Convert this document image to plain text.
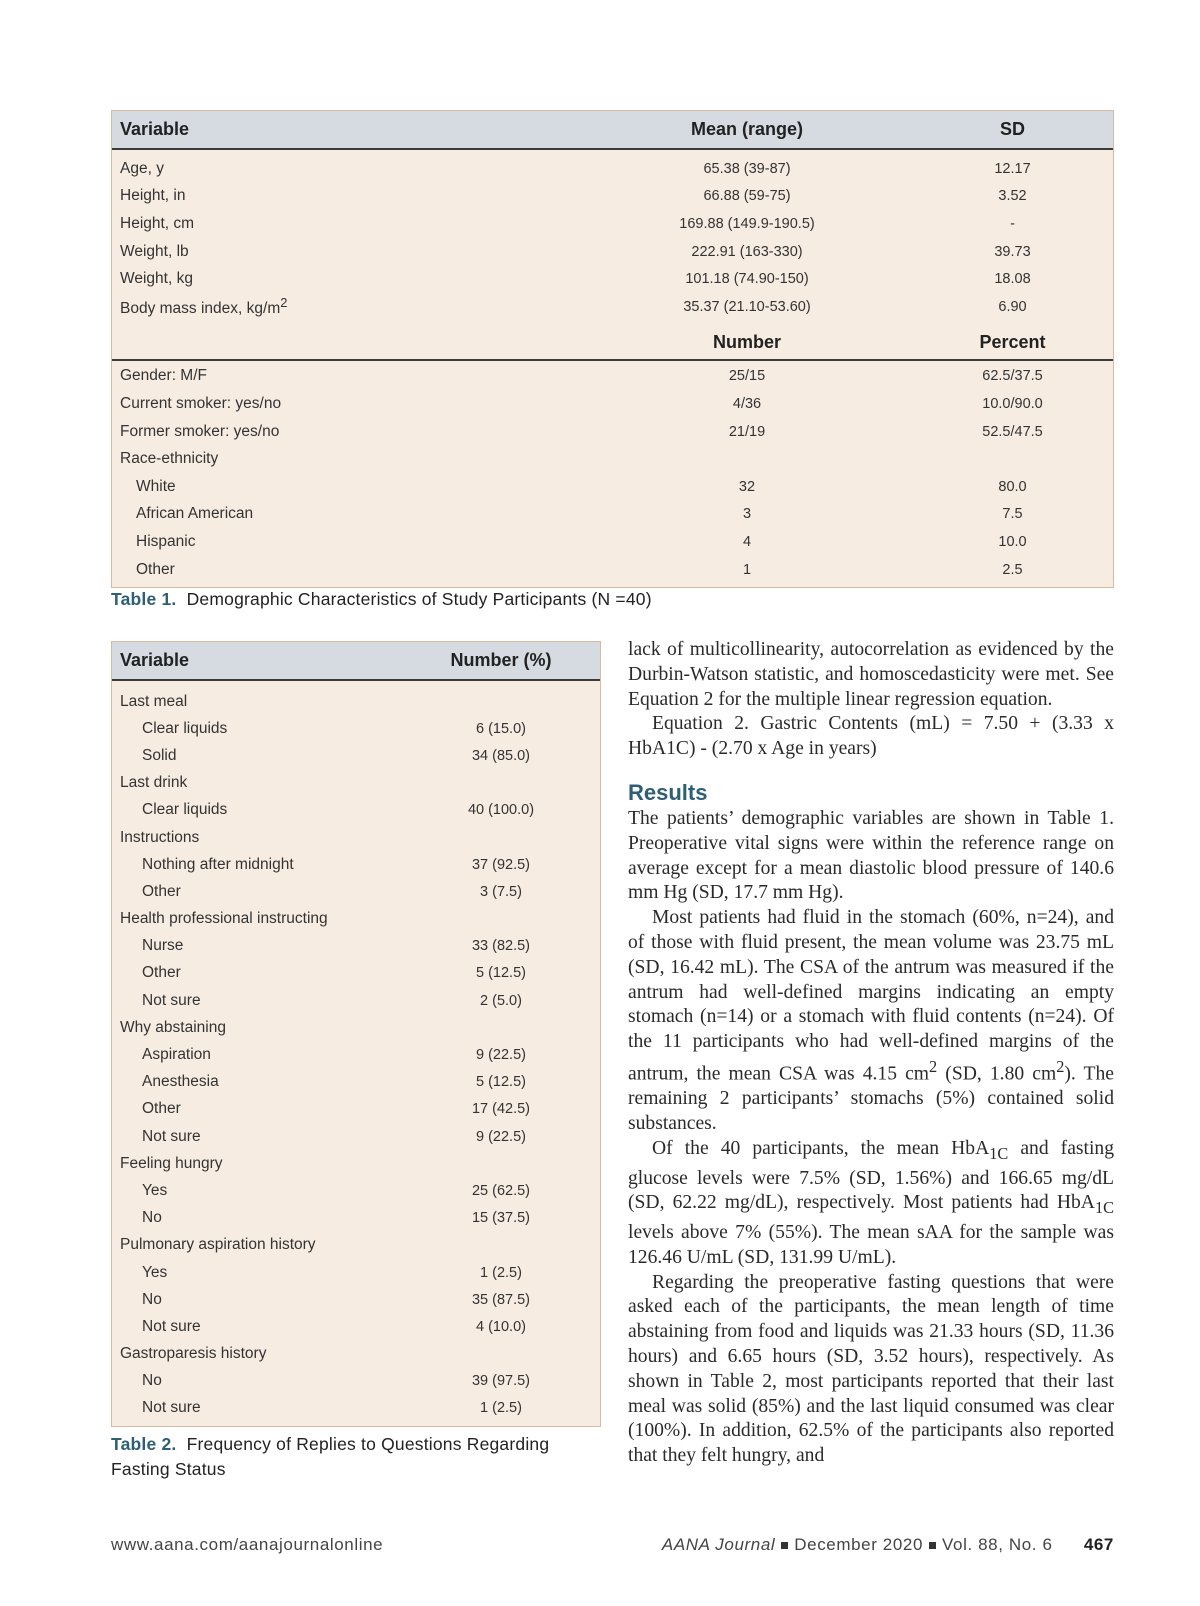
Variable	Mean (range)	SD
Age, y	65.38 (39-87)	12.17
Height, in	66.88 (59-75)	3.52
Height, cm	169.88 (149.9-190.5)	-
Weight, lb	222.91 (163-330)	39.73
Weight, kg	101.18 (74.90-150)	18.08
Body mass index, $kg/m^2$	35.37 (21.10-53.60)	6.90
Number	Percent
Gender: M/F	25/15	62.5/37.5
Current smoker: yes/no	4/36	10.0/90.0
Former smoker: yes/no	21/19	52.5/47.5
Race-ethnicity
White	32	80.0
African American	3	7.5
Hispanic	4	10.0
Other	1	2.5
Table 1. Demographic Characteristics of Study Participants (N =40)
Variable	Number (%)
Last meal
Clear liquids	6 (15.0)
Solid	34 (85.0)
Last drink
Clear liquids	40 (100.0)
Instructions
Nothing after midnight	37 (92.5)
Other	3 (7.5)
Health professional instructing
Nurse	33 (82.5)
Other	5 (12.5)
Not sure	2 (5.0)
Why abstaining
Aspiration	9 (22.5)
Anesthesia	5 (12.5)
Other	17 (42.5)
Not sure	9 (22.5)
Feeling hungry
Yes	25 (62.5)
No	15 (37.5)
Pulmonary aspiration history
Yes	1 (2.5)
No	35 (87.5)
Not sure	4 (10.0)
Gastroparesis history
No	39 (97.5)
Not sure	1 (2.5)
Table 2. Frequency of Replies to Questions Regarding Fasting Status

lack of multicollinearity, autocorrelation as evidenced by the Durbin-Watson statistic, and homoscedasticity were met. See Equation 2 for the multiple linear regression equation.

Equation 2. Gastric Contents (mL) = 7.50 + (3.33 x HbA1C) - (2.70 x Age in years)

Results

The patients’ demographic variables are shown in Table 1. Preoperative vital signs were within the reference range on average except for a mean diastolic blood pressure of 140.6 mm Hg (SD, 17.7 mm Hg).

Most patients had fluid in the stomach (60%, n=24), and of those with fluid present, the mean volume was 23.75 mL (SD, 16.42 mL). The CSA of the antrum was measured if the antrum had well-defined margins indicating an empty stomach (n=14) or a stomach with fluid contents (n=24). Of the 11 participants who had well-defined margins of the antrum, the mean CSA was 4.15 $cm^2$ (SD, 1.80 $cm^2$). The remaining 2 participants’ stomachs (5%) contained solid substances.

Of the 40 participants, the mean HbA$_{1C}$ and fasting glucose levels were 7.5% (SD, 1.56%) and 166.65 mg/dL (SD, 62.22 mg/dL), respectively. Most patients had HbA$_{1C}$ levels above 7% (55%). The mean sAA for the sample was 126.46 U/mL (SD, 131.99 U/mL).

Regarding the preoperative fasting questions that were asked each of the participants, the mean length of time abstaining from food and liquids was 21.33 hours (SD, 11.36 hours) and 6.65 hours (SD, 3.52 hours), respectively. As shown in Table 2, most participants reported that their last meal was solid (85%) and the last liquid consumed was clear (100%). In addition, 62.5% of the participants also reported that they felt hungry, and

www.aana.com/aanajournalonline	AANA Journal December 2020 Vol. 88, No. 6 467
